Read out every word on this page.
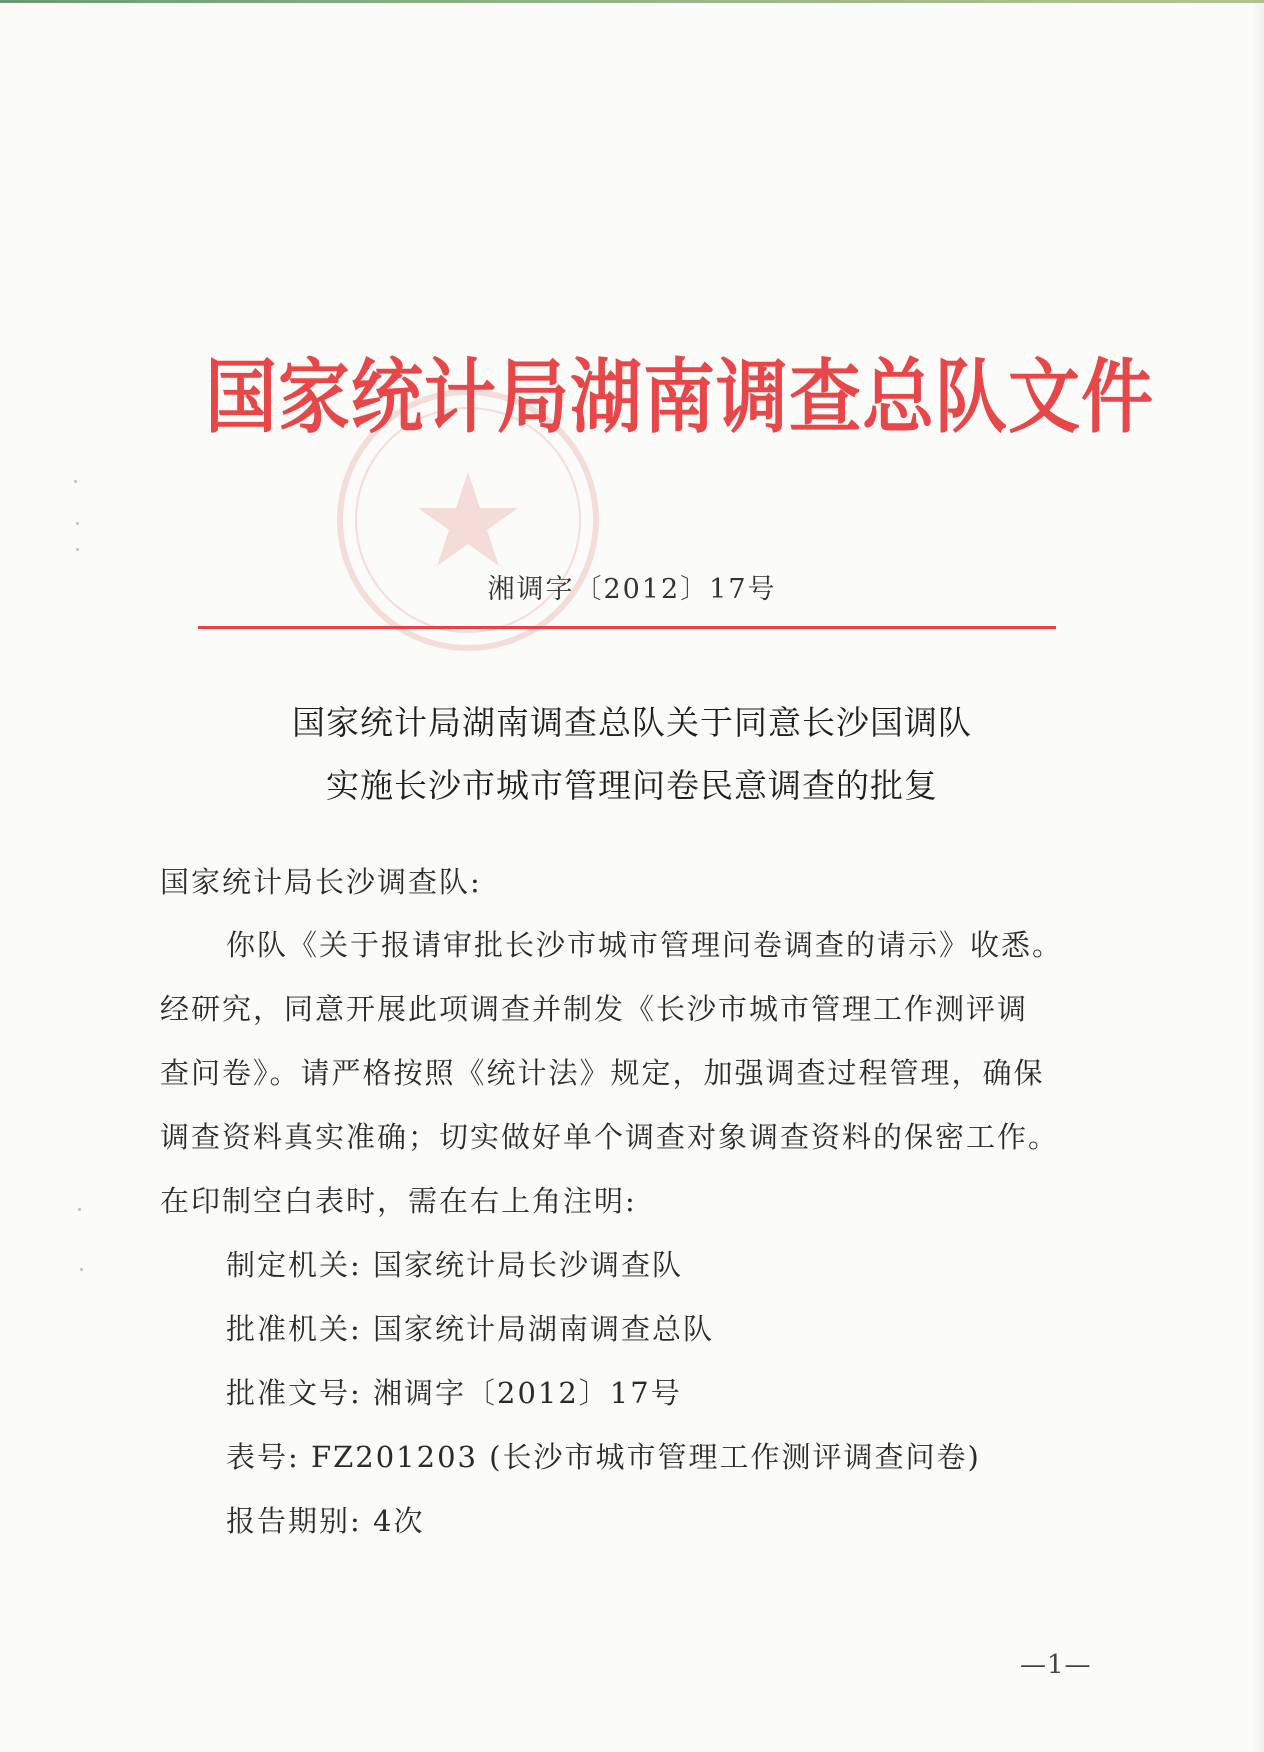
国家统计局湖南调查总队文件
湘调字〔2012〕17号
国家统计局湖南调查总队关于同意长沙国调队
实施长沙市城市管理问卷民意调查的批复
国家统计局长沙调查队:
你队《关于报请审批长沙市城市管理问卷调查的请示》收悉。
经研究，同意开展此项调查并制发《长沙市城市管理工作测评调
查问卷》。请严格按照《统计法》规定，加强调查过程管理，确保
调查资料真实准确；切实做好单个调查对象调查资料的保密工作。
在印制空白表时，需在右上角注明:
制定机关: 国家统计局长沙调查队
批准机关: 国家统计局湖南调查总队
批准文号: 湘调字〔2012〕17号
表号: FZ201203 (长沙市城市管理工作测评调查问卷)
报告期别: 4次
—1—
